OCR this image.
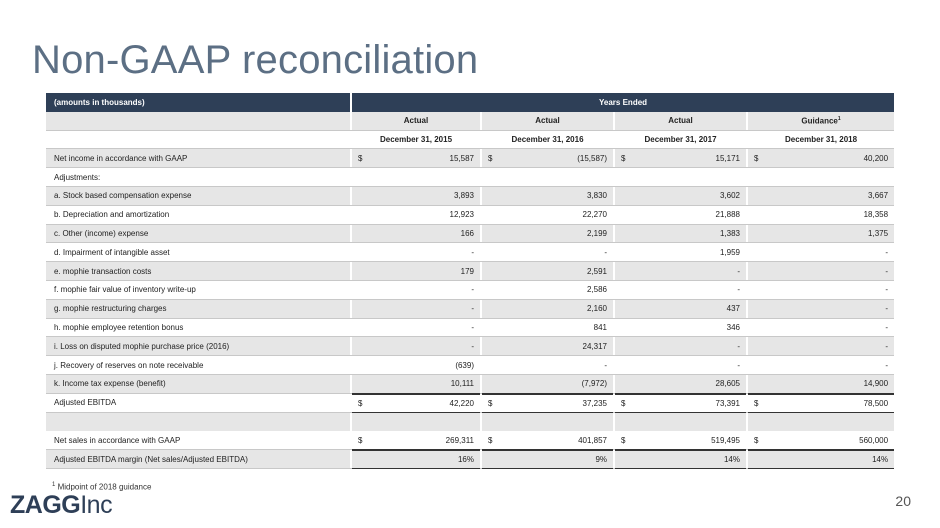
Non-GAAP reconciliation
(amounts in thousands)		Years Ended										
		Actual			Actual			Actual			Guidance$^1$
		December 31, 2015			December 31, 2016			December 31, 2017			December 31, 2018	
Net income in accordance with GAAP		$	15,587		$	(15,587)		$	15,171		$	40,200
Adjustments:												
a. Stock based compensation expense			3,893			3,830			3,602			3,667
b. Depreciation and amortization			12,923			22,270			21,888			18,358
c. Other (income) expense			166			2,199			1,383			1,375
d. Impairment of intangible asset			-			-			1,959			-
e. mophie transaction costs			179			2,591			-			-
f. mophie fair value of inventory write-up			-			2,586			-			-
g. mophie restructuring charges			-			2,160			437			-
h. mophie employee retention bonus			-			841			346			-
i. Loss on disputed mophie purchase price (2016)			-			24,317			-			-
j. Recovery of reserves on note receivable			(639)			-			-			-
k. Income tax expense (benefit)			10,111			(7,972)			28,605			14,900
Adjusted EBITDA		$	42,220		$	37,235		$	73,391		$	78,500

Net sales in accordance with GAAP		$	269,311		$	401,857		$	519,495		$	560,000
Adjusted EBITDA margin (Net sales/Adjusted EBITDA)			16%			9%			14%			14%
$^1$ Midpoint of 2018 guidance
ZAGGInc	20
